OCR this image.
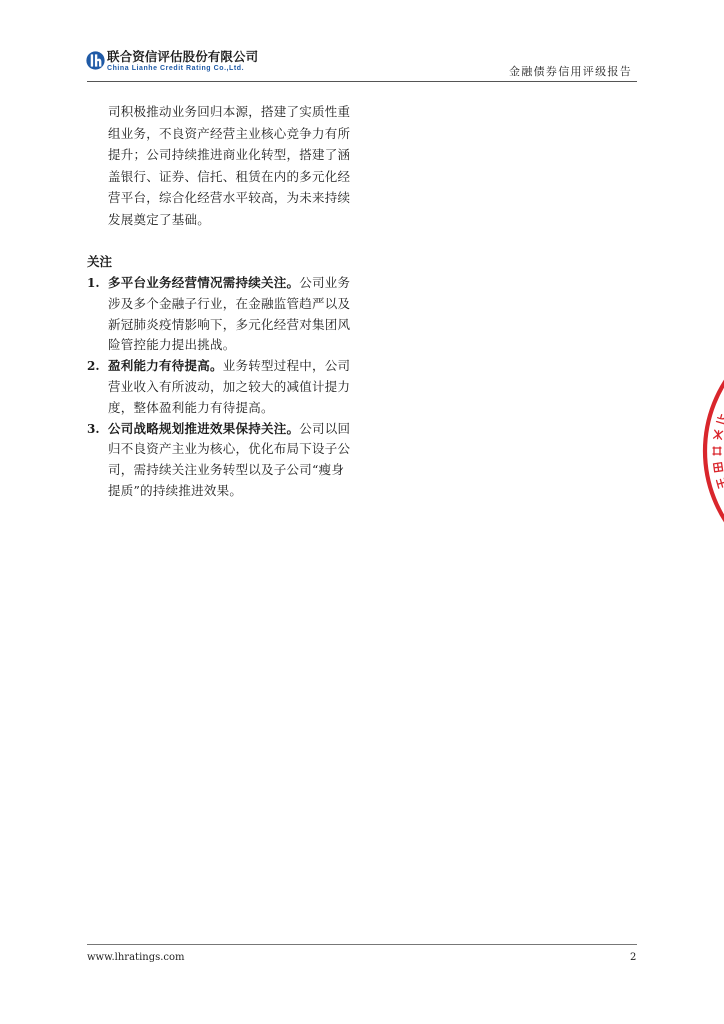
联合资信评估股份有限公司
China Lianhe Credit Rating Co.,Ltd.	金融债券信用评级报告
司积极推动业务回归本源，搭建了实质性重
组业务，不良资产经营主业核心竞争力有所
提升；公司持续推进商业化转型，搭建了涵
盖银行、证券、信托、租赁在内的多元化经
营平台，综合化经营水平较高，为未来持续
发展奠定了基础。
关注
1. 多平台业务经营情况需持续关注。公司业务
涉及多个金融子行业，在金融监管趋严以及
新冠肺炎疫情影响下，多元化经营对集团风
险管控能力提出挑战。
2. 盈利能力有待提高。业务转型过程中，公司
营业收入有所波动，加之较大的减值计提力
度，整体盈利能力有待提高。
3. 公司战略规划推进效果保持关注。公司以回
归不良资产主业为核心，优化布局下设子公
司，需持续关注业务转型以及子公司“瘦身
提质”的持续推进效果。
www.lhratings.com	2
